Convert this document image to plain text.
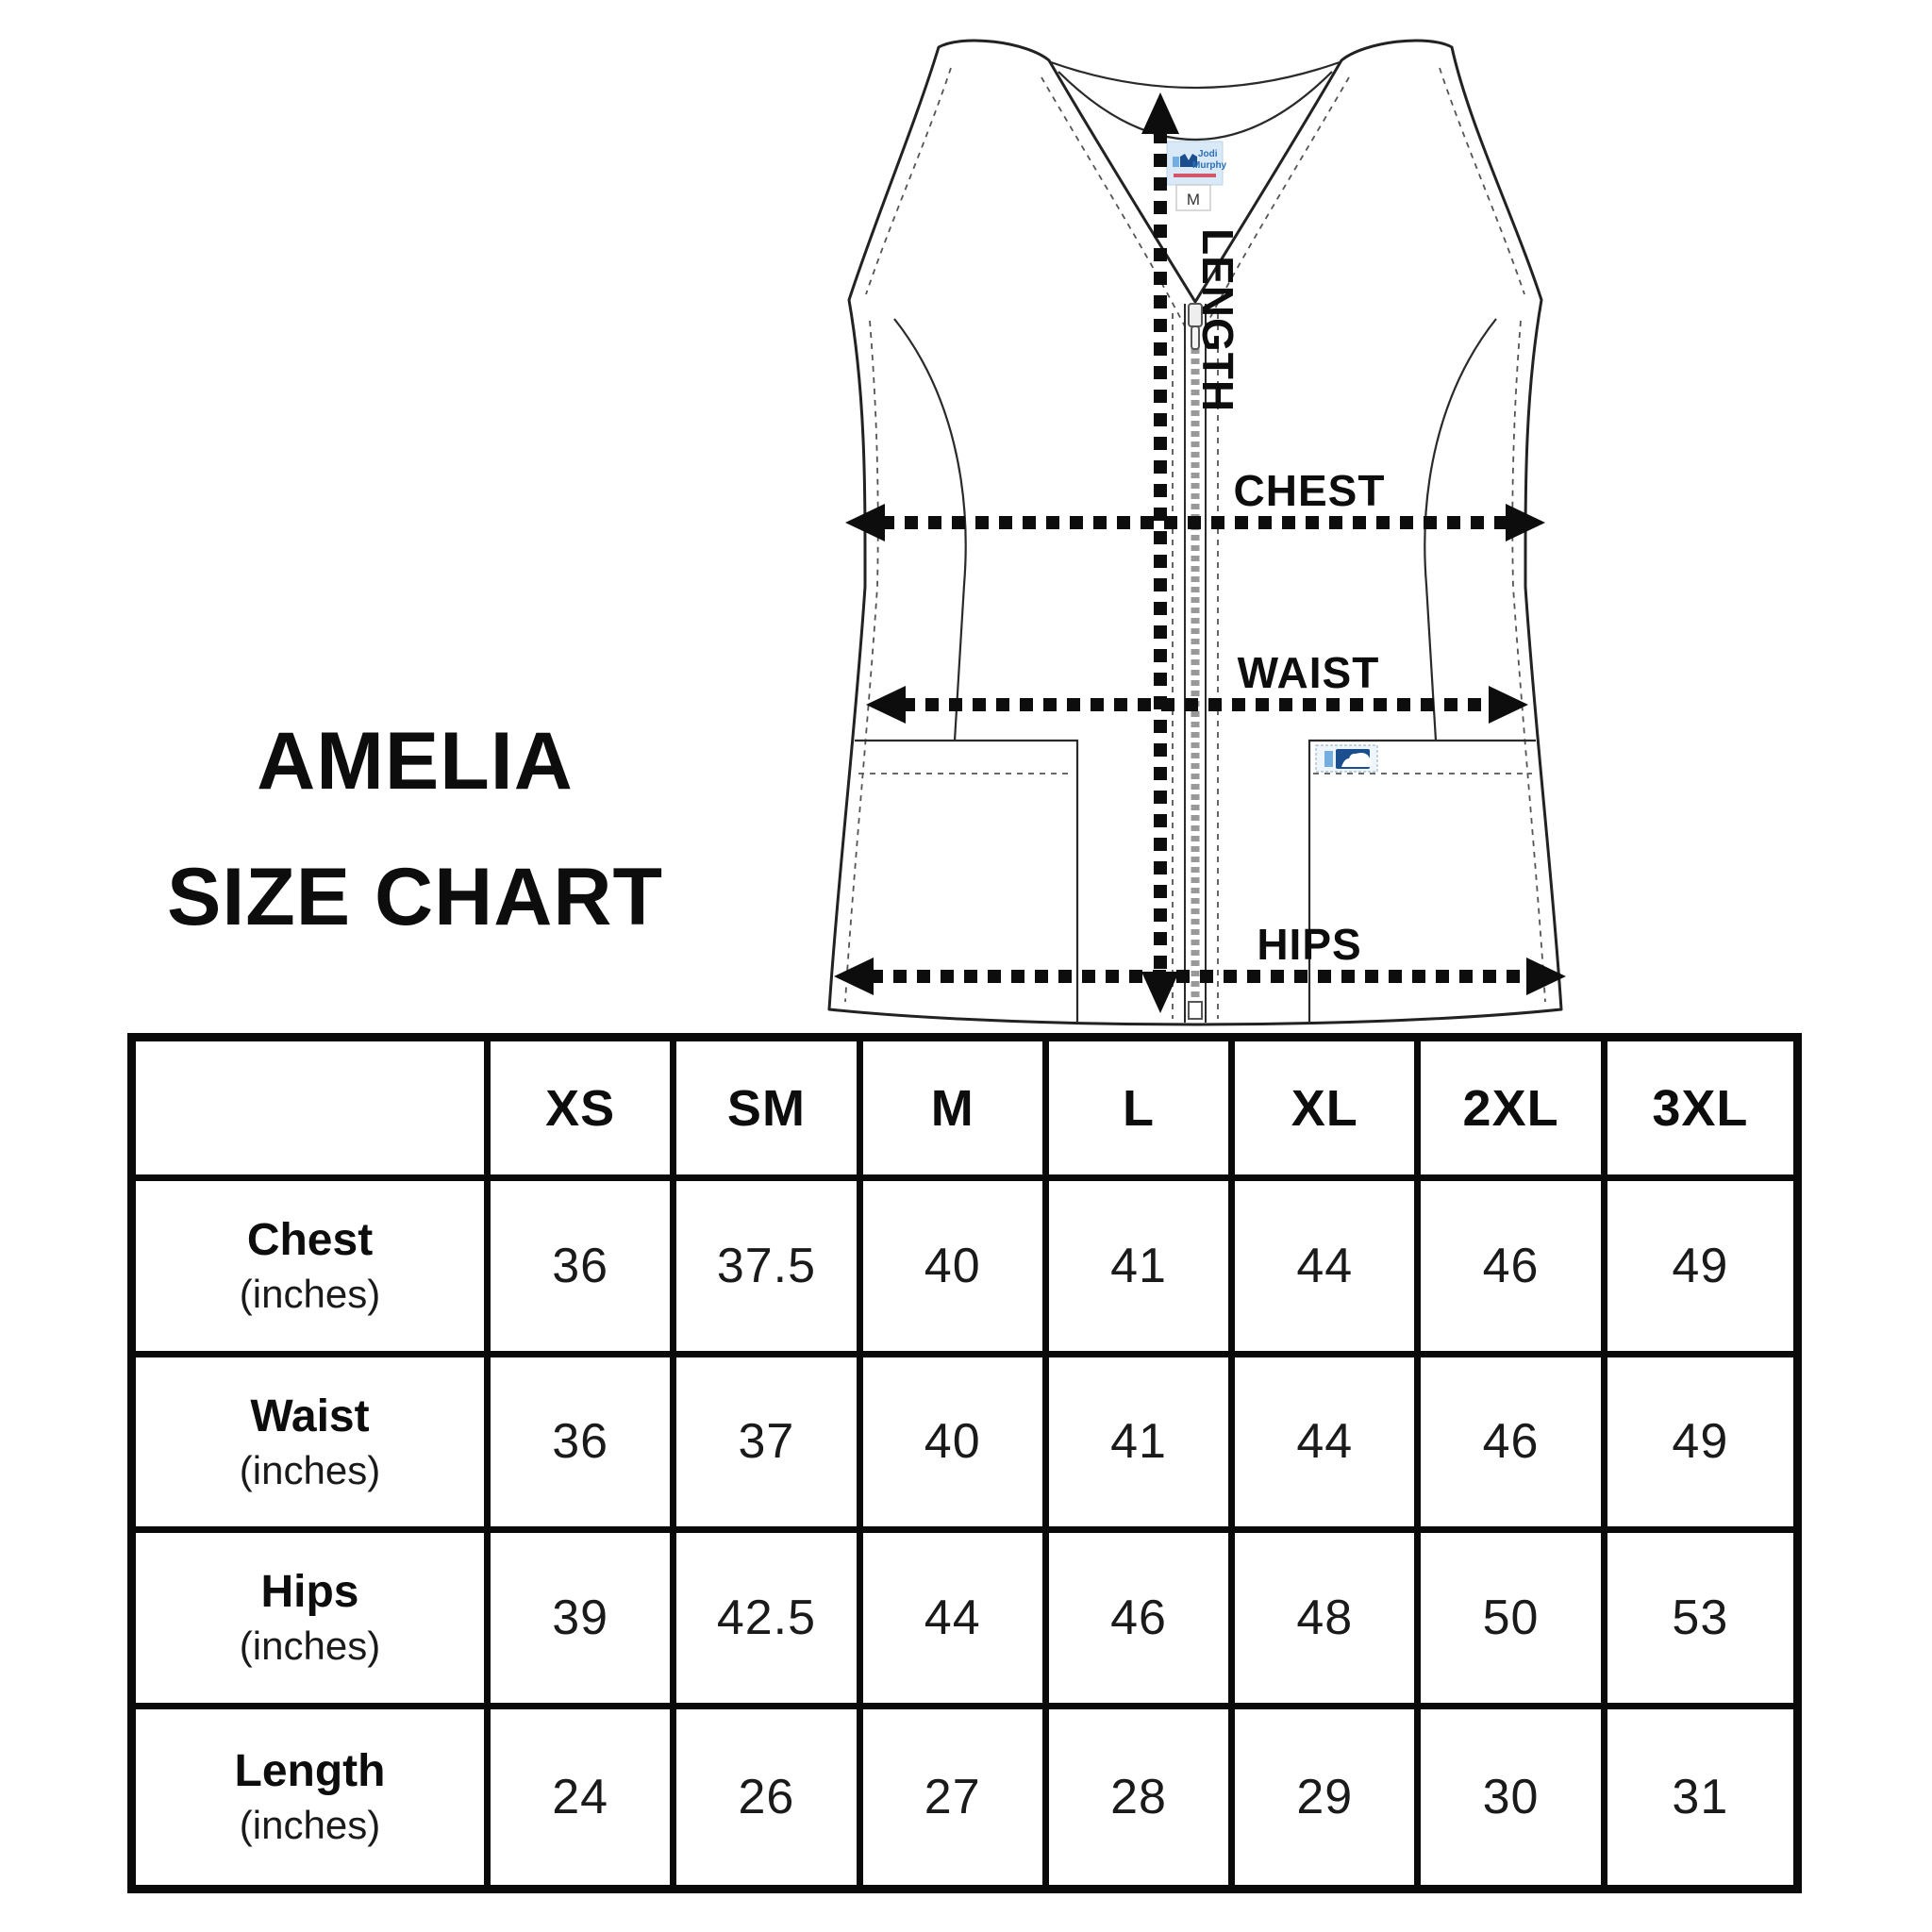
AMELIA
SIZE CHART
Jodi
Murphy
M
LENGTH
CHEST
WAIST
HIPS
XS	SM	M	L	XL	2XL	3XL
Chest
(inches)
36	37.5	40	41	44	46	49
Waist
(inches)
36	37	40	41	44	46	49
Hips
(inches)
39	42.5	44	46	48	50	53
Length
(inches)
24	26	27	28	29	30	31
